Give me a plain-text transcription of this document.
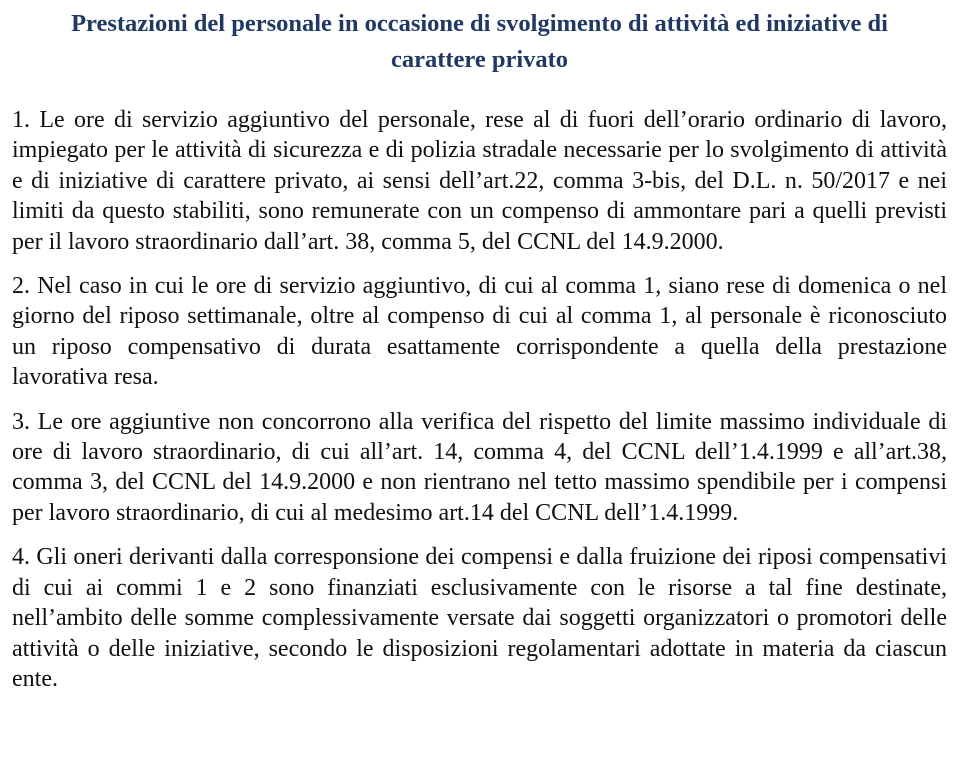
Prestazioni del personale in occasione di svolgimento di attività ed iniziative di
carattere privato

1. Le ore di servizio aggiuntivo del personale, rese al di fuori dell’orario ordinario di lavoro, impiegato per le attività di sicurezza e di polizia stradale necessarie per lo svolgimento di attività e di iniziative di carattere privato, ai sensi dell’art.22, comma 3-bis, del D.L. n. 50/2017 e nei limiti da questo stabiliti, sono remunerate con un compenso di ammontare pari a quelli previsti per il lavoro straordinario dall’art. 38, comma 5, del CCNL del 14.9.2000.

2. Nel caso in cui le ore di servizio aggiuntivo, di cui al comma 1, siano rese di domenica o nel giorno del riposo settimanale, oltre al compenso di cui al comma 1, al personale è riconosciuto un riposo compensativo di durata esattamente corrispondente a quella della prestazione lavorativa resa.

3. Le ore aggiuntive non concorrono alla verifica del rispetto del limite massimo individuale di ore di lavoro straordinario, di cui all’art. 14, comma 4, del CCNL dell’1.4.1999 e all’art.38, comma 3, del CCNL del 14.9.2000 e non rientrano nel tetto massimo spendibile per i compensi per lavoro straordinario, di cui al medesimo art.14 del CCNL dell’1.4.1999.

4. Gli oneri derivanti dalla corresponsione dei compensi e dalla fruizione dei riposi compensativi di cui ai commi 1 e 2 sono finanziati esclusivamente con le risorse a tal fine destinate, nell’ambito delle somme complessivamente versate dai soggetti organizzatori o promotori delle attività o delle iniziative, secondo le disposizioni regolamentari adottate in materia da ciascun ente.
